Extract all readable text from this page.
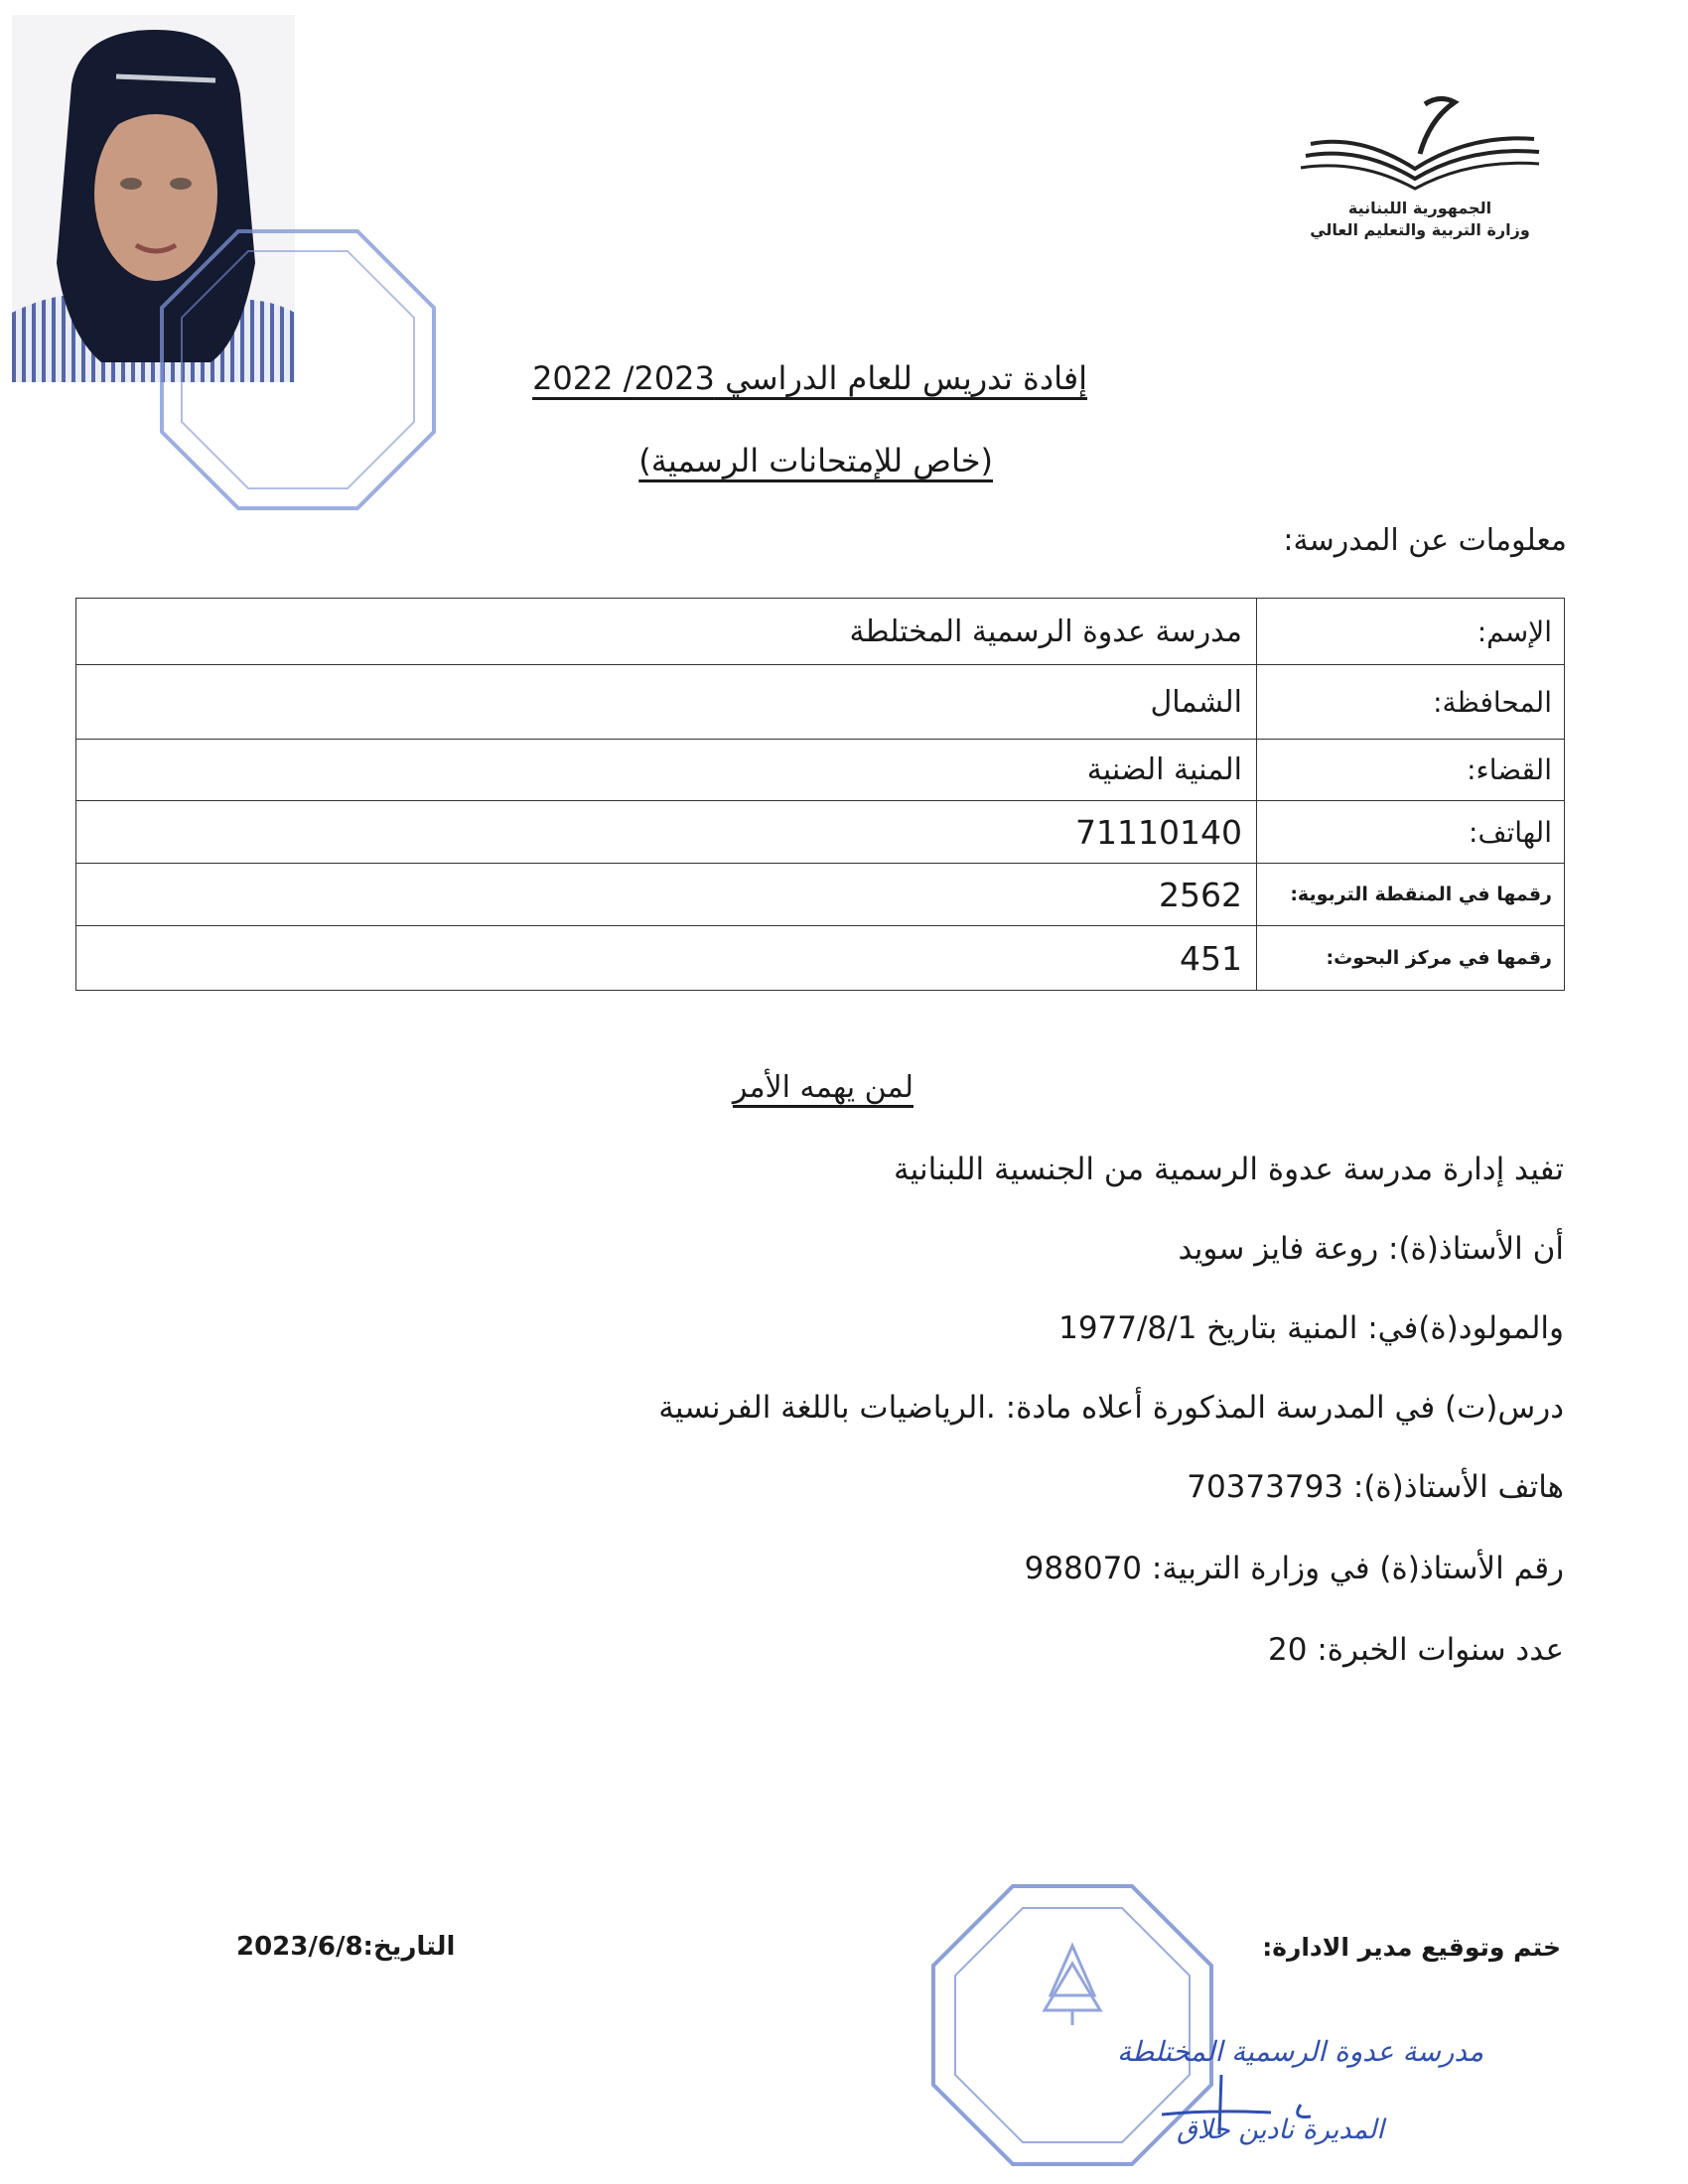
الجمهورية اللبنانية
وزارة التربية والتعليم العالي
إفادة تدريس للعام الدراسي 2023/ 2022
(خاص للإمتحانات الرسمية)
معلومات عن المدرسة:
الإسم:	مدرسة عدوة الرسمية المختلطة
المحافظة:	الشمال
القضاء:	المنية الضنية
الهاتف:	71110140
رقمها في المنقطة التربوية:	2562
رقمها في مركز البحوث:	451
لمن يهمه الأمر
تفيد إدارة مدرسة عدوة الرسمية من الجنسية اللبنانية
أن الأستاذ(ة): روعة فايز سويد
والمولود(ة)في: المنية بتاريخ 1977/8/1
درس(ت) في المدرسة المذكورة أعلاه مادة: .الرياضيات باللغة الفرنسية
هاتف الأستاذ(ة): 70373793
رقم الأستاذ(ة) في وزارة التربية: 988070
عدد سنوات الخبرة: 20
ختم وتوقيع مدير الادارة:
التاريخ:2023/6/8
مدرسة عدوة الرسمية المختلطة
المديرة نادين حلاق
